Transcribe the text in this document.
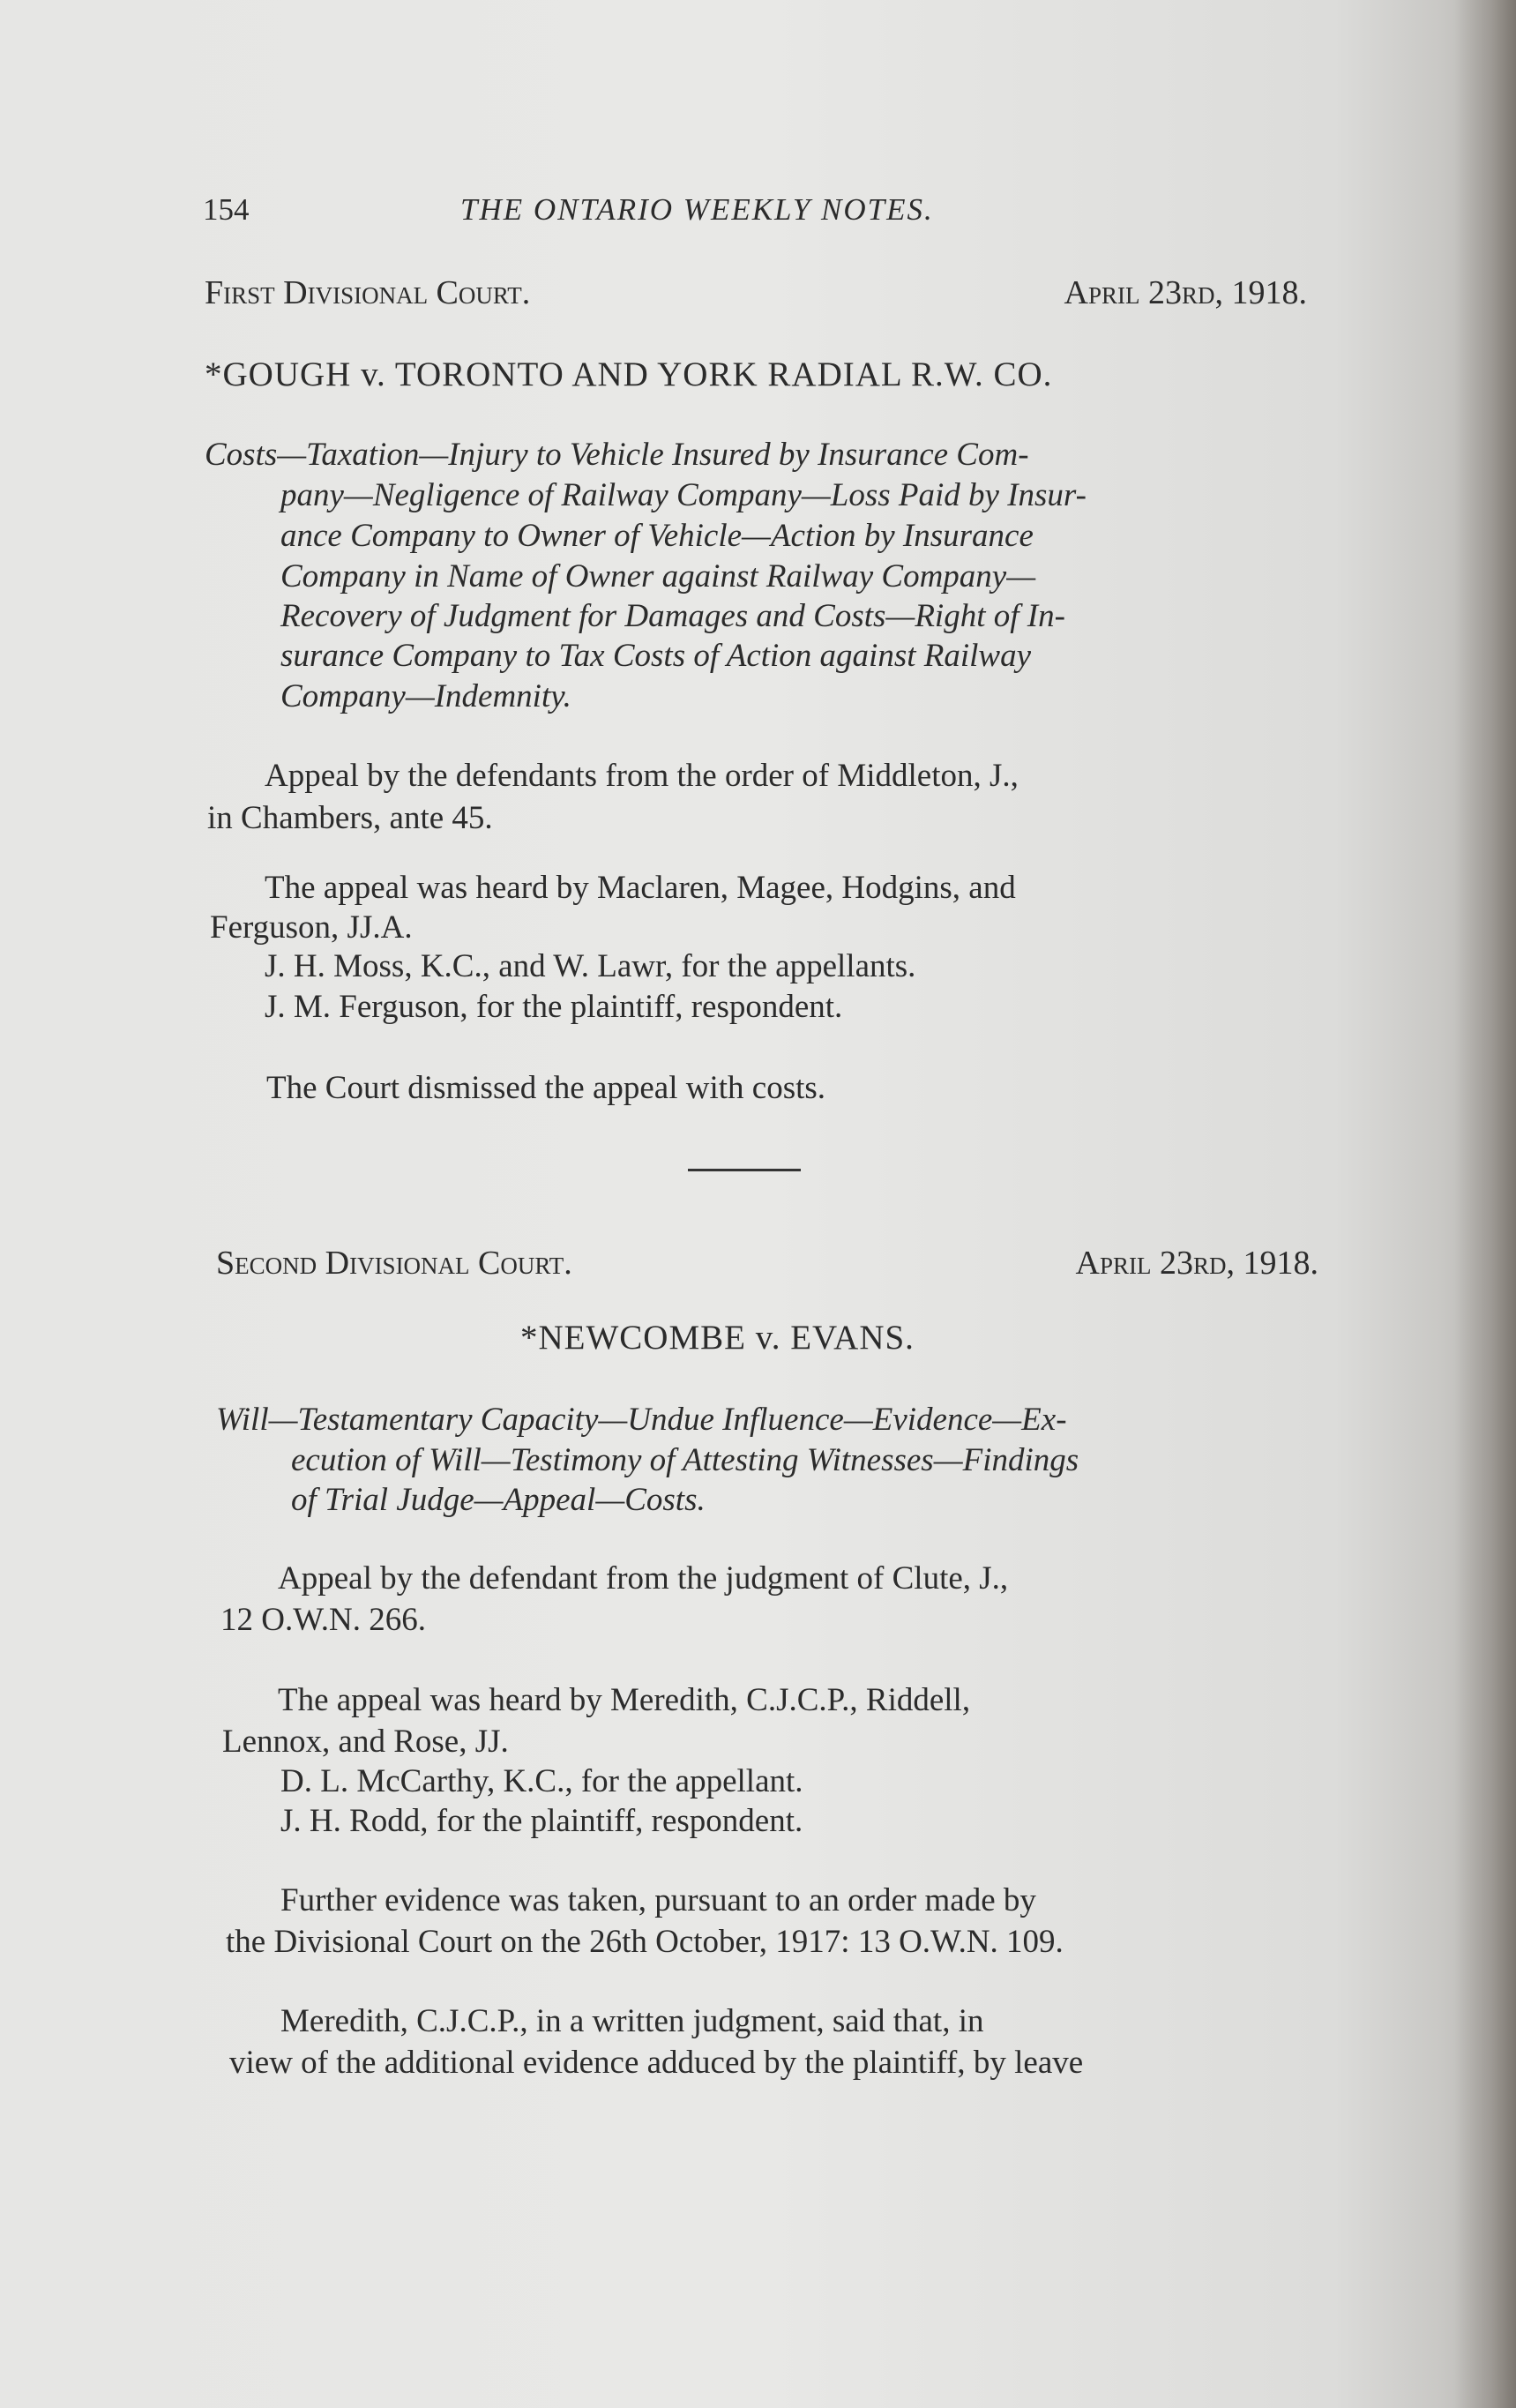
154	THE ONTARIO WEEKLY NOTES.
First Divisional Court.	April 23rd, 1918.

*GOUGH v. TORONTO AND YORK RADIAL R.W. CO.

Costs—Taxation—Injury to Vehicle Insured by Insurance Com-

pany—Negligence of Railway Company—Loss Paid by Insur-

ance Company to Owner of Vehicle—Action by Insurance

Company in Name of Owner against Railway Company—

Recovery of Judgment for Damages and Costs—Right of In-

surance Company to Tax Costs of Action against Railway

Company—Indemnity.

Appeal by the defendants from the order of Middleton, J.,

in Chambers, ante 45.

The appeal was heard by Maclaren, Magee, Hodgins, and

Ferguson, JJ.A.

J. H. Moss, K.C., and W. Lawr, for the appellants.

J. M. Ferguson, for the plaintiff, respondent.

The Court dismissed the appeal with costs.

Second Divisional Court.	April 23rd, 1918.

*NEWCOMBE v. EVANS.

Will—Testamentary Capacity—Undue Influence—Evidence—Ex-

ecution of Will—Testimony of Attesting Witnesses—Findings

of Trial Judge—Appeal—Costs.

Appeal by the defendant from the judgment of Clute, J.,

12 O.W.N. 266.

The appeal was heard by Meredith, C.J.C.P., Riddell,

Lennox, and Rose, JJ.

D. L. McCarthy, K.C., for the appellant.

J. H. Rodd, for the plaintiff, respondent.

Further evidence was taken, pursuant to an order made by

the Divisional Court on the 26th October, 1917: 13 O.W.N. 109.

Meredith, C.J.C.P., in a written judgment, said that, in

view of the additional evidence adduced by the plaintiff, by leave
